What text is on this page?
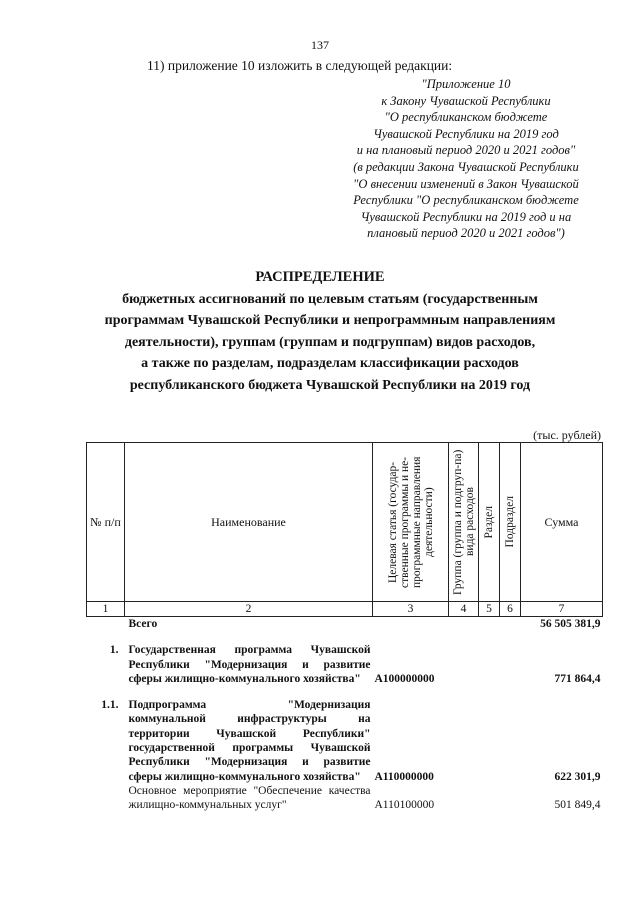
137
11) приложение 10 изложить в следующей редакции:
"Приложение 10
к Закону Чувашской Республики
"О республиканском бюджете
Чувашской Республики на 2019 год
и на плановый период 2020 и 2021 годов"
(в редакции Закона Чувашской Республики
"О внесении изменений в Закон Чувашской
Республики "О республиканском бюджете
Чувашской Республики на 2019 год и на
плановый период 2020 и 2021 годов")
РАСПРЕДЕЛЕНИЕ
бюджетных ассигнований по целевым статьям (государственным
программам Чувашской Республики и непрограммным направлениям
деятельности), группам (группам и подгруппам) видов расходов,
а также по разделам, подразделам классификации расходов
республиканского бюджета Чувашской Республики на 2019 год
(тыс. рублей)
№ п/п	Наименование	Целевая статья (государ-ственные программы и не-программные направления деятельности)	Группа (группа и подгруп-па) вида расходов	Раздел	Подраздел	Сумма
1	2	3	4	5	6	7
	Всего					56 505 381,9
1.	Государственная программа Чувашской Республики "Модернизация и развитие сферы жилищно-коммунального хозяйства"	A100000000				771 864,4
1.1.	Подпрограмма "Модернизация коммунальной инфраструктуры на территории Чувашской Республики" государственной программы Чувашской Республики "Модернизация и развитие сферы жилищно-коммунального хозяйства"	A110000000				622 301,9
	Основное мероприятие "Обеспечение качества жилищно-коммунальных услуг"	A110100000				501 849,4
